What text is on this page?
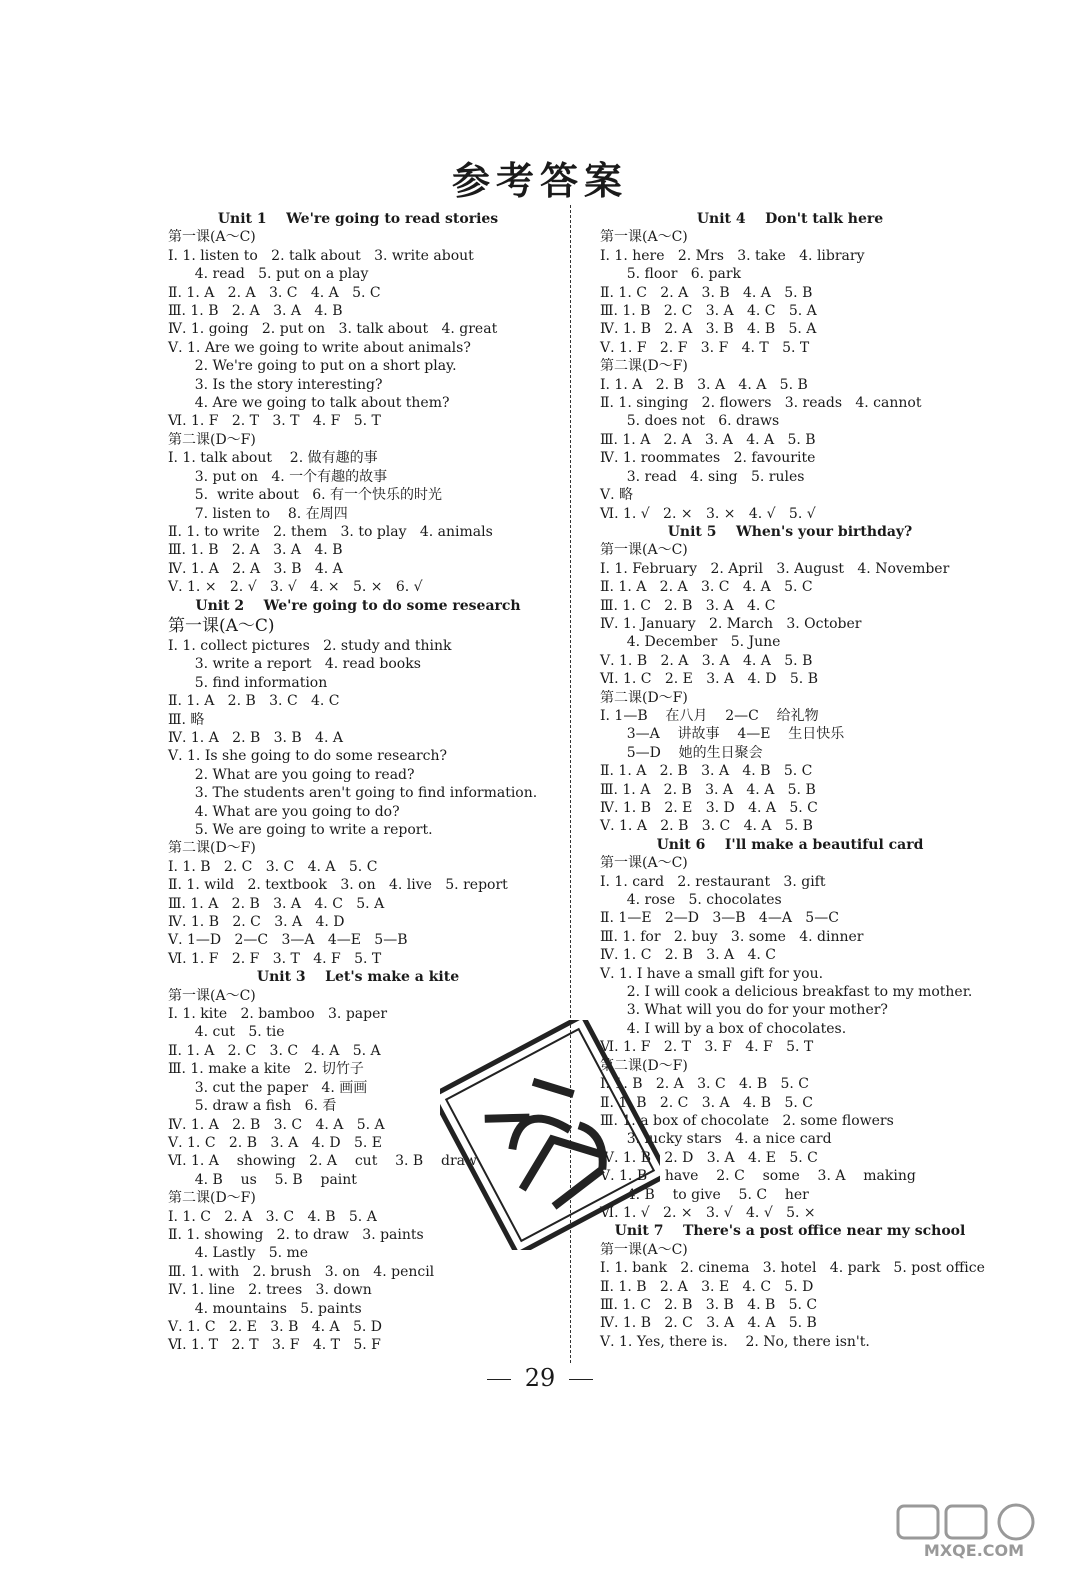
参考答案
Unit 1    We're going to read stories
第一课(A～C)
Ⅰ. 1. listen to   2. talk about   3. write about
4. read   5. put on a play
Ⅱ. 1. A   2. A   3. C   4. A   5. C
Ⅲ. 1. B   2. A   3. A   4. B
Ⅳ. 1. going   2. put on   3. talk about   4. great
Ⅴ. 1. Are we going to write about animals?
2. We're going to put on a short play.
3. Is the story interesting?
4. Are we going to talk about them?
Ⅵ. 1. F   2. T   3. T   4. F   5. T
第二课(D～F)
Ⅰ. 1. talk about    2. 做有趣的事
3. put on   4. 一个有趣的故事
5.  write about   6. 有一个快乐的时光
7. listen to    8. 在周四
Ⅱ. 1. to write   2. them   3. to play   4. animals
Ⅲ. 1. B   2. A   3. A   4. B
Ⅳ. 1. A   2. A   3. B   4. A
Ⅴ. 1. ×   2. √   3. √   4. ×   5. ×   6. √
Unit 2    We're going to do some research
第一课(A～C)
Ⅰ. 1. collect pictures   2. study and think
3. write a report   4. read books
5. find information
Ⅱ. 1. A   2. B   3. C   4. C
Ⅲ. 略
Ⅳ. 1. A   2. B   3. B   4. A
Ⅴ. 1. Is she going to do some research?
2. What are you going to read?
3. The students aren't going to find information.
4. What are you going to do?
5. We are going to write a report.
第二课(D～F)
Ⅰ. 1. B   2. C   3. C   4. A   5. C
Ⅱ. 1. wild   2. textbook   3. on   4. live   5. report
Ⅲ. 1. A   2. B   3. A   4. C   5. A
Ⅳ. 1. B   2. C   3. A   4. D
Ⅴ. 1—D   2—C   3—A   4—E   5—B
Ⅵ. 1. F   2. F   3. T   4. F   5. T
Unit 3    Let's make a kite
第一课(A～C)
Ⅰ. 1. kite   2. bamboo   3. paper
4. cut   5. tie
Ⅱ. 1. A   2. C   3. C   4. A   5. A
Ⅲ. 1. make a kite   2. 切竹子
3. cut the paper   4. 画画
5. draw a fish   6. 看
Ⅳ. 1. A   2. B   3. C   4. A   5. A
Ⅴ. 1. C   2. B   3. A   4. D   5. E
Ⅵ. 1. A    showing   2. A    cut    3. B    draw
4. B    us    5. B    paint
第二课(D～F)
Ⅰ. 1. C   2. A   3. C   4. B   5. A
Ⅱ. 1. showing   2. to draw   3. paints
4. Lastly   5. me
Ⅲ. 1. with   2. brush   3. on   4. pencil
Ⅳ. 1. line   2. trees   3. down
4. mountains   5. paints
Ⅴ. 1. C   2. E   3. B   4. A   5. D
Ⅵ. 1. T   2. T   3. F   4. T   5. F
Unit 4    Don't talk here
第一课(A～C)
Ⅰ. 1. here   2. Mrs   3. take   4. library
5. floor   6. park
Ⅱ. 1. C   2. A   3. B   4. A   5. B
Ⅲ. 1. B   2. C   3. A   4. C   5. A
Ⅳ. 1. B   2. A   3. B   4. B   5. A
Ⅴ. 1. F   2. F   3. F   4. T   5. T
第二课(D～F)
Ⅰ. 1. A   2. B   3. A   4. A   5. B
Ⅱ. 1. singing   2. flowers   3. reads   4. cannot
5. does not   6. draws
Ⅲ. 1. A   2. A   3. A   4. A   5. B
Ⅳ. 1. roommates   2. favourite
3. read   4. sing   5. rules
Ⅴ. 略
Ⅵ. 1. √   2. ×   3. ×   4. √   5. √
Unit 5    When's your birthday?
第一课(A～C)
Ⅰ. 1. February   2. April   3. August   4. November
Ⅱ. 1. A   2. A   3. C   4. A   5. C
Ⅲ. 1. C   2. B   3. A   4. C
Ⅳ. 1. January   2. March   3. October
4. December   5. June
Ⅴ. 1. B   2. A   3. A   4. A   5. B
Ⅵ. 1. C   2. E   3. A   4. D   5. B
第二课(D～F)
Ⅰ. 1—B    在八月    2—C    给礼物
3—A    讲故事    4—E    生日快乐
5—D    她的生日聚会
Ⅱ. 1. A   2. B   3. A   4. B   5. C
Ⅲ. 1. A   2. B   3. A   4. A   5. B
Ⅳ. 1. B   2. E   3. D   4. A   5. C
Ⅴ. 1. A   2. B   3. C   4. A   5. B
Unit 6    I'll make a beautiful card
第一课(A～C)
Ⅰ. 1. card   2. restaurant   3. gift
4. rose   5. chocolates
Ⅱ. 1—E   2—D   3—B   4—A   5—C
Ⅲ. 1. for   2. buy   3. some   4. dinner
Ⅳ. 1. C   2. B   3. A   4. C
Ⅴ. 1. I have a small gift for you.
2. I will cook a delicious breakfast to my mother.
3. What will you do for your mother?
4. I will by a box of chocolates.
Ⅵ. 1. F   2. T   3. F   4. F   5. T
第二课(D～F)
Ⅰ. 1. B   2. A   3. C   4. B   5. C
Ⅱ. 1. B   2. C   3. A   4. B   5. C
Ⅲ. 1. a box of chocolate   2. some flowers
3. lucky stars   4. a nice card
Ⅳ. 1. B   2. D   3. A   4. E   5. C
Ⅴ. 1. B    have    2. C    some    3. A    making
4. B    to give    5. C    her
Ⅵ. 1. √   2. ×   3. √   4. √   5. ×
Unit 7    There's a post office near my school
第一课(A～C)
Ⅰ. 1. bank   2. cinema   3. hotel   4. park   5. post office
Ⅱ. 1. B   2. A   3. E   4. C   5. D
Ⅲ. 1. C   2. B   3. B   4. B   5. C
Ⅳ. 1. B   2. C   3. A   4. A   5. B
Ⅴ. 1. Yes, there is.    2. No, there isn't.
29
MXQE.COM
